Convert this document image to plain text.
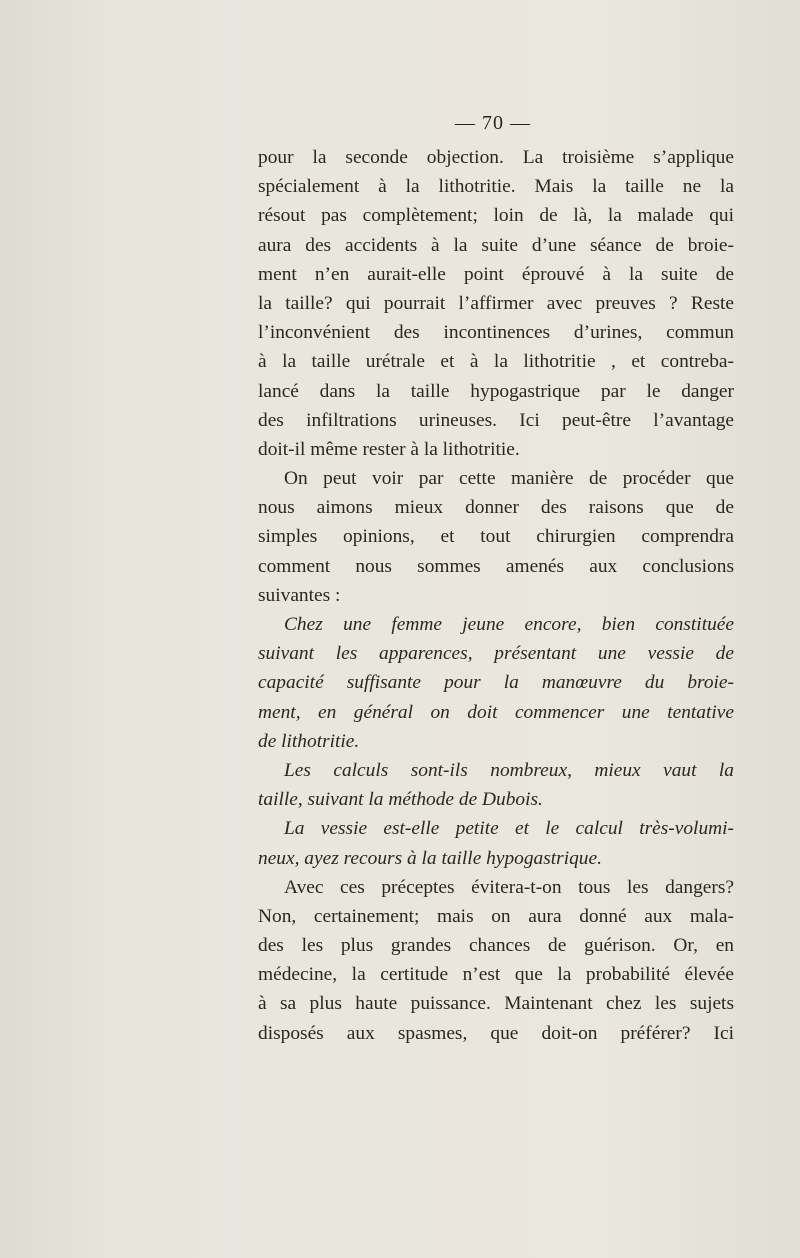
— 70 —
pour la seconde objection. La troisième s’applique
spécialement à la lithotritie. Mais la taille ne la
résout pas complètement; loin de là, la malade qui
aura des accidents à la suite d’une séance de broie-
ment n’en aurait-elle point éprouvé à la suite de
la taille? qui pourrait l’affirmer avec preuves ? Reste
l’inconvénient des incontinences d’urines, commun
à la taille urétrale et à la lithotritie , et contreba-
lancé dans la taille hypogastrique par le danger
des infiltrations urineuses. Ici peut-être l’avantage
doit-il même rester à la lithotritie.
On peut voir par cette manière de procéder que
nous aimons mieux donner des raisons que de
simples opinions, et tout chirurgien comprendra
comment nous sommes amenés aux conclusions
suivantes :
Chez une femme jeune encore, bien constituée
suivant les apparences, présentant une vessie de
capacité suffisante pour la manœuvre du broie-
ment, en général on doit commencer une tentative
de lithotritie.
Les calculs sont-ils nombreux, mieux vaut la
taille, suivant la méthode de Dubois.
La vessie est-elle petite et le calcul très-volumi-
neux, ayez recours à la taille hypogastrique.
Avec ces préceptes évitera-t-on tous les dangers?
Non, certainement; mais on aura donné aux mala-
des les plus grandes chances de guérison. Or, en
médecine, la certitude n’est que la probabilité élevée
à sa plus haute puissance. Maintenant chez les sujets
disposés aux spasmes, que doit-on préférer? Ici
